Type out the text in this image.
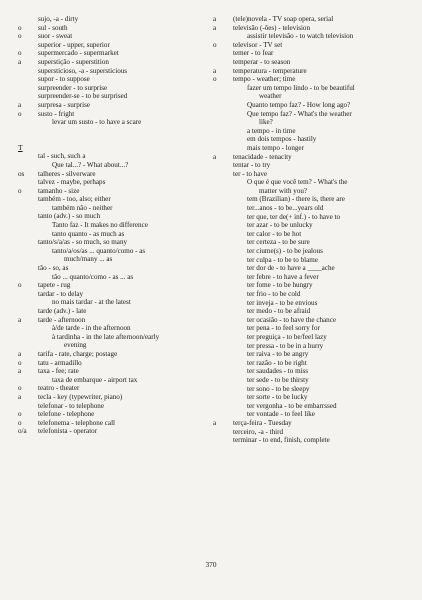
sujo, -a - dirty
o	sul - south
o	suor - sweat
superior - upper, superior
o	supermercado - supermarket
a	superstição - superstition
supersticioso, -a - supersticious
supor - to suppose
surpreender - to surprise
surpreender-se - to be surprised
a	surpresa - surprise
o	susto - fright
levar um susto - to have a scare
T
tal - such, such a
Que tal...? - What about...?
os	talheres - silverware
talvez - maybe, perhaps
o	tamanho - size
também - too, also; either
também não - neither
tanto (adv.) - so much
Tanto faz - It makes no difference
tanto quanto - as much as
tanto/s/a/as - so much, so many
tanto/a/os/as ... quanto/como - as
much/many ... as
tão - so, as
tão ... quanto/como - as ... as
o	tapete - rug
tardar - to delay
no mais tardar - at the latest
tarde (adv.) - late
a	tarde - afternoon
à/de tarde - in the afternoon
à tardinha - in the late afternoon/early
evening
a	tarifa - rate, charge; postage
o	tatu - armadillo
a	taxa - fee; rate
taxa de embarque - airport tax
o	teatro - theater
a	tecla - key (typewriter, piano)
telefonar - to telephone
o	telefone - telephone
o	telefonema - telephone call
o/a	telefonista - operator
a	(tele)novela - TV soap opera, serial
a	televisão (-ões) - television
assistir televisão - to watch television
o	televisor - TV set
temer - to fear
temperar - to season
a	temperatura - temperature
o	tempo - weather; time
fazer um tempo lindo - to be beautiful
weather
Quanto tempo faz? - How long ago?
Que tempo faz? - What's the weather
like?
a tempo - in time
em dois tempos - hastily
mais tempo - longer
a	tenacidade - tenacity
tentar - to try
ter - to have
O que é que você tem? - What's the
matter with you?
tem (Brazilian) - there is, there are
ter...anos - to be...years old
ter que, ter de(+ inf.) - to have to
ter azar - to be unlucky
ter calor - to be hot
ter certeza - to be sure
ter ciume(s) - to be jealous
ter culpa - to be to blame
ter dor de - to have a ____ache
ter febre - to have a fever
ter fome - to be hungry
ter frio - to be cold
ter inveja - to be envious
ter medo - to be afraid
ter ocasião - to have the chance
ter pena - to feel sorry for
ter preguiça - to be/feel lazy
ter pressa - to be in a hurry
ter raiva - to be angry
ter razão - to be right
ter saudades - to miss
ter sede - to be thirsty
ter sono - to be sleepy
ter sorte - to be lucky
ter vergonha - to be embarrssed
ter vontade - to feel like
a	terça-feira - Tuesday
terceiro, -a - third
terminar - to end, finish, complete
370
